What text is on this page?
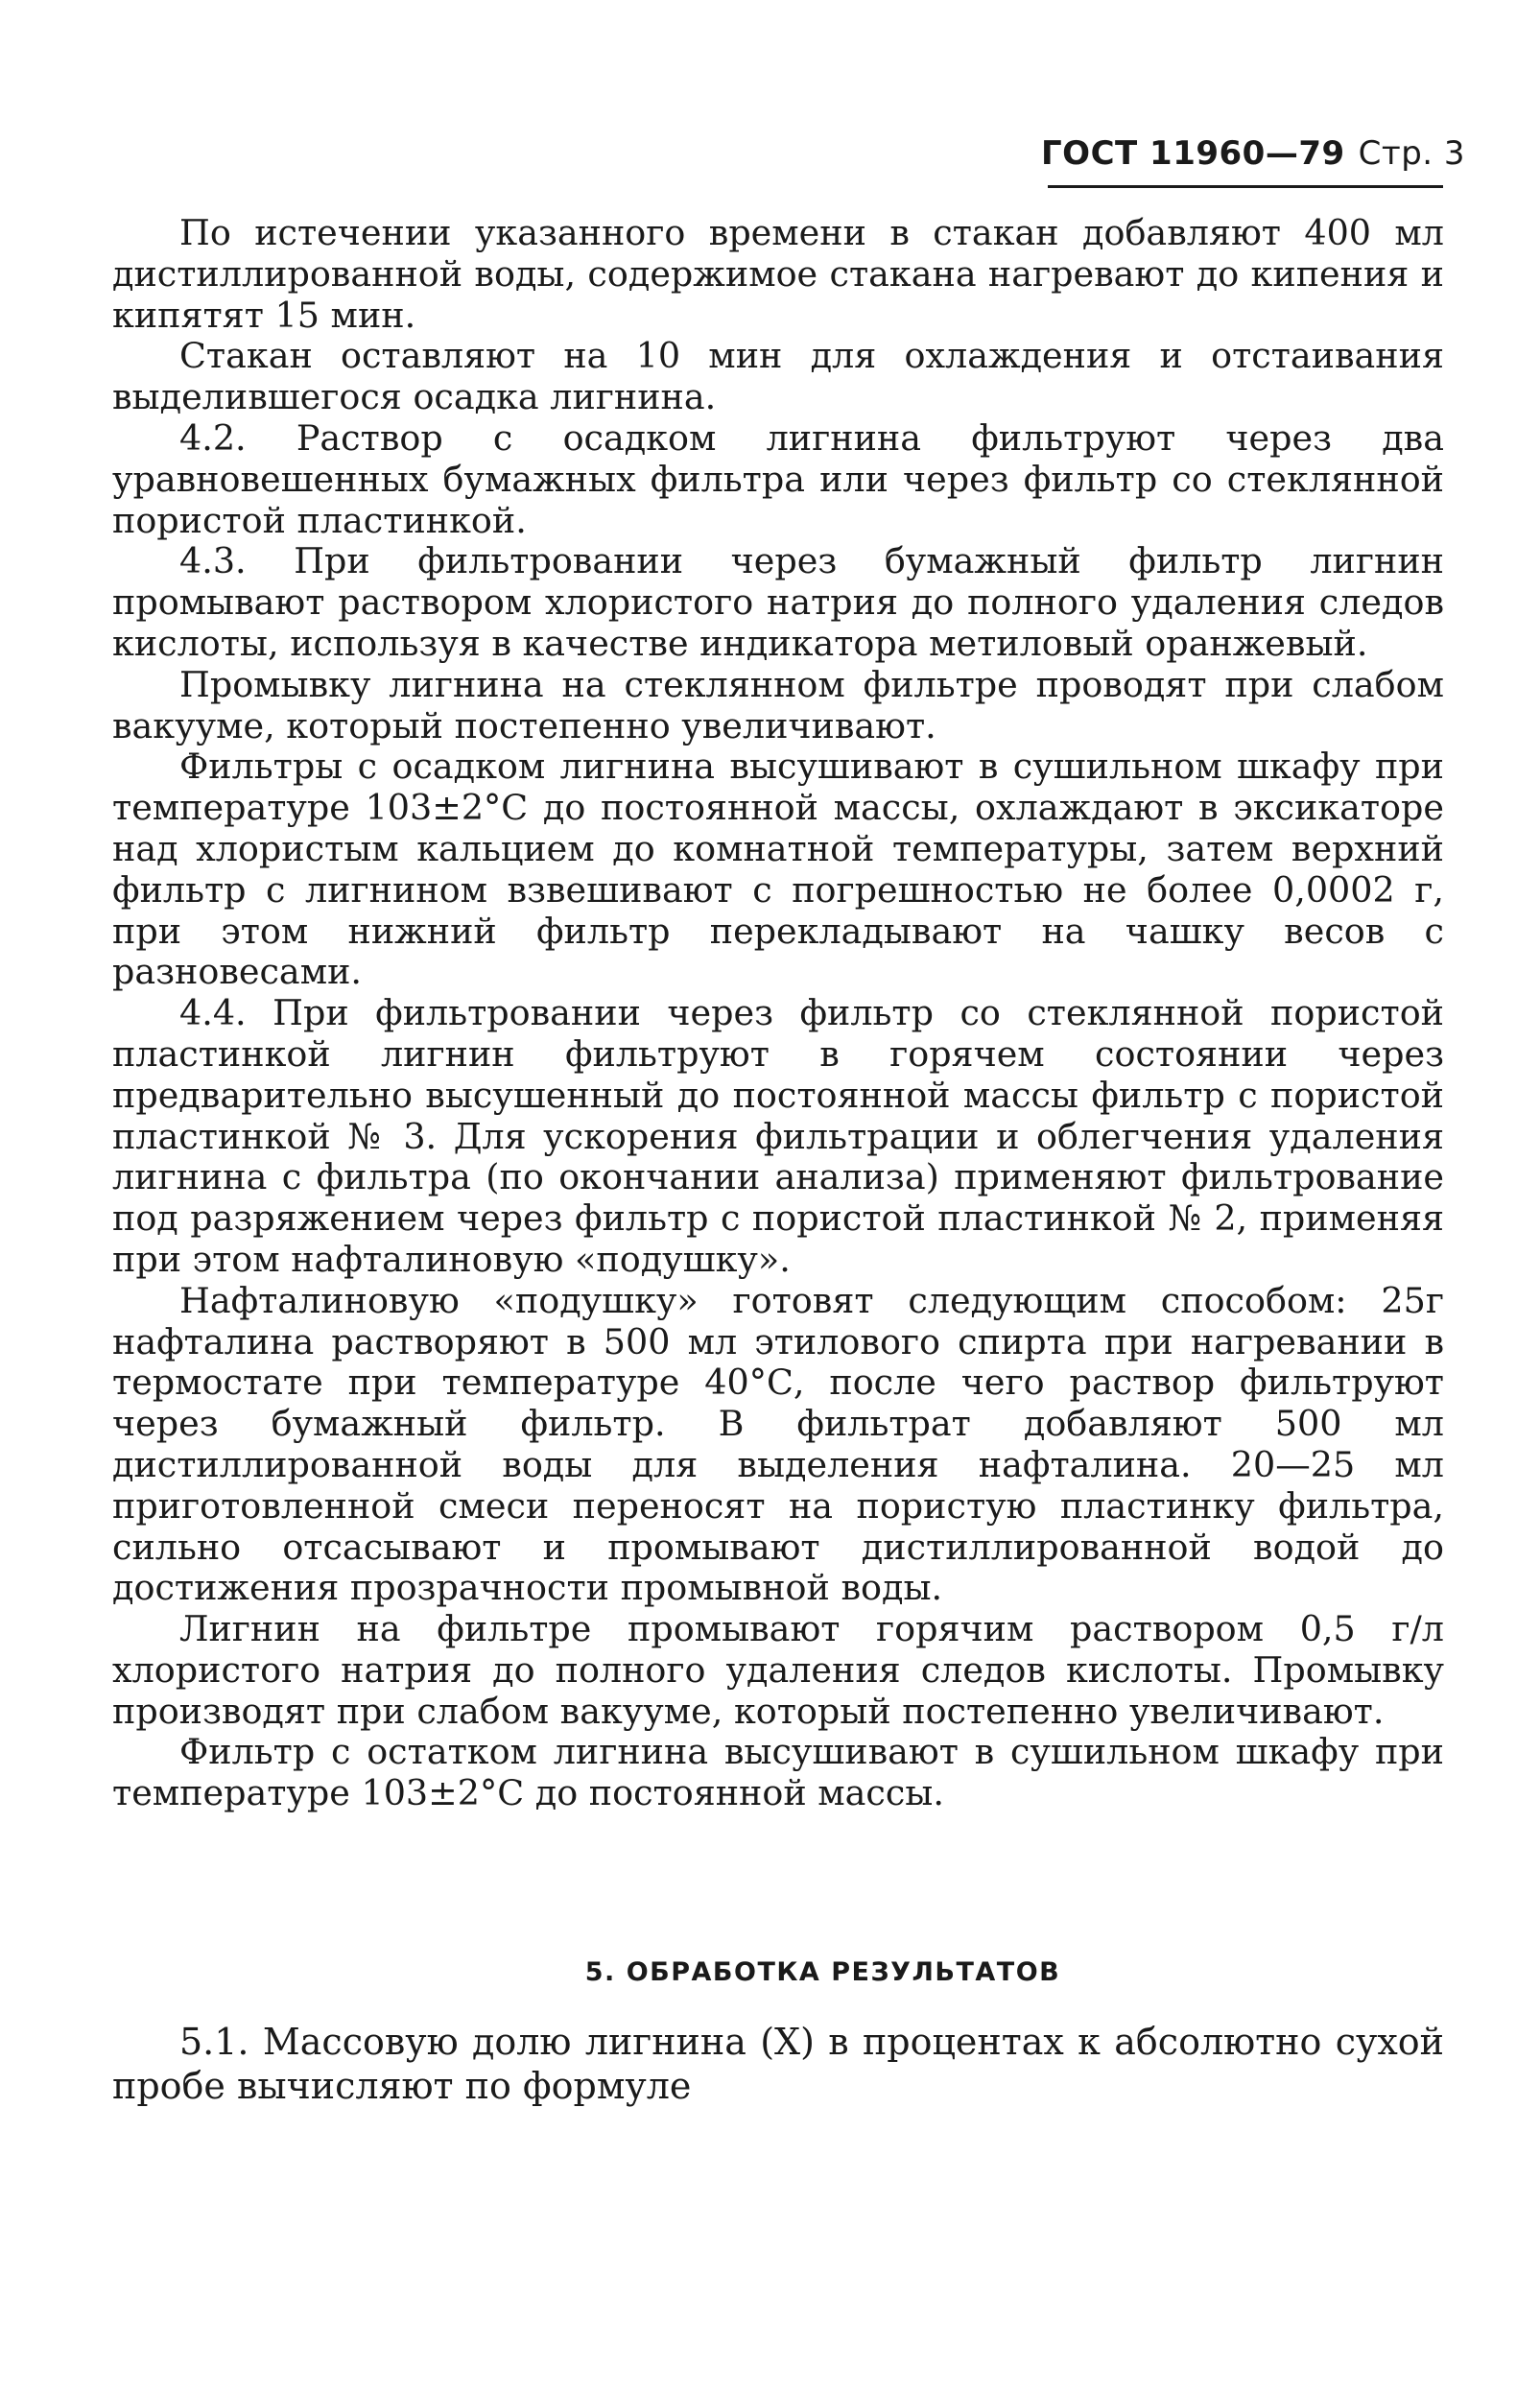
ГОСТ 11960—79 Стр. 3

По истечении указанного времени в стакан добавляют 400 мл дистиллированной воды, содержимое стакана нагревают до кипения и кипятят 15 мин.

Стакан оставляют на 10 мин для охлаждения и отстаивания выделившегося осадка лигнина.

4.2. Раствор с осадком лигнина фильтруют через два уравновешенных бумажных фильтра или через фильтр со стеклянной пористой пластинкой.

4.3. При фильтровании через бумажный фильтр лигнин промывают раствором хлористого натрия до полного удаления следов кислоты, используя в качестве индикатора метиловый оранжевый.

Промывку лигнина на стеклянном фильтре проводят при слабом вакууме, который постепенно увеличивают.

Фильтры с осадком лигнина высушивают в сушильном шкафу при температуре 103±2°С до постоянной массы, охлаждают в эксикаторе над хлористым кальцием до комнатной температуры, затем верхний фильтр с лигнином взвешивают с погрешностью не более 0,0002 г, при этом нижний фильтр перекладывают на чашку весов с разновесами.

4.4. При фильтровании через фильтр со стеклянной пористой пластинкой лигнин фильтруют в горячем состоянии через предварительно высушенный до постоянной массы фильтр с пористой пластинкой № 3. Для ускорения фильтрации и облегчения удаления лигнина с фильтра (по окончании анализа) применяют фильтрование под разряжением через фильтр с пористой пластинкой № 2, применяя при этом нафталиновую «подушку».

Нафталиновую «подушку» готовят следующим способом: 25г нафталина растворяют в 500 мл этилового спирта при нагревании в термостате при температуре 40°С, после чего раствор фильтруют через бумажный фильтр. В фильтрат добавляют 500 мл дистиллированной воды для выделения нафталина. 20—25 мл приготовленной смеси переносят на пористую пластинку фильтра, сильно отсасывают и промывают дистиллированной водой до достижения прозрачности промывной воды.

Лигнин на фильтре промывают горячим раствором 0,5 г/л хлористого натрия до полного удаления следов кислоты. Промывку производят при слабом вакууме, который постепенно увеличивают.

Фильтр с остатком лигнина высушивают в сушильном шкафу при температуре 103±2°С до постоянной массы.

5. ОБРАБОТКА РЕЗУЛЬТАТОВ

5.1. Массовую долю лигнина (X) в процентах к абсолютно сухой пробе вычисляют по формуле
